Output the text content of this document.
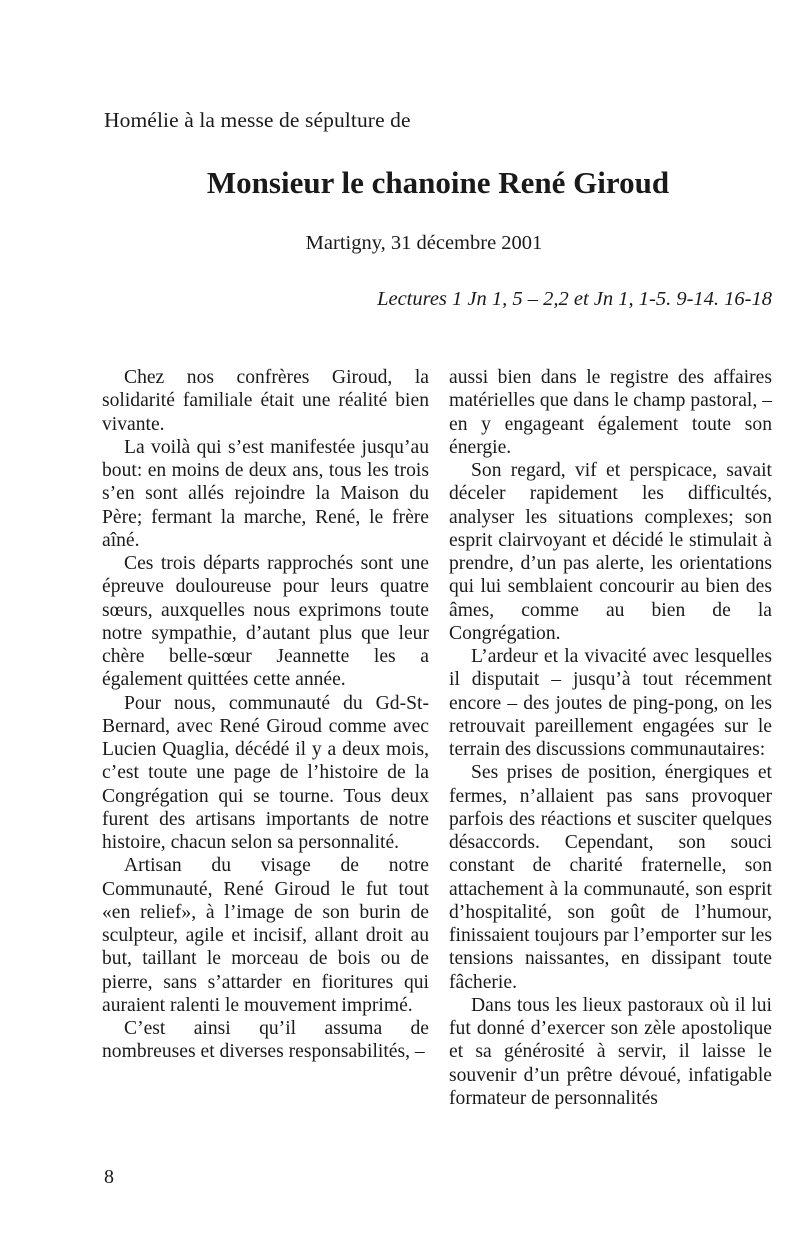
Homélie à la messe de sépulture de
Monsieur le chanoine René Giroud
Martigny, 31 décembre 2001
Lectures 1 Jn 1, 5 – 2,2 et Jn 1, 1-5. 9-14. 16-18

Chez nos confrères Giroud, la solidarité familiale était une réalité bien vivante.

La voilà qui s’est manifestée jusqu’au bout: en moins de deux ans, tous les trois s’en sont allés rejoindre la Maison du Père; fermant la marche, René, le frère aîné.

Ces trois départs rapprochés sont une épreuve douloureuse pour leurs quatre sœurs, auxquelles nous exprimons toute notre sympathie, d’autant plus que leur chère belle-sœur Jeannette les a également quittées cette année.

Pour nous, communauté du Gd-St-Bernard, avec René Giroud comme avec Lucien Quaglia, décédé il y a deux mois, c’est toute une page de l’histoire de la Congrégation qui se tourne. Tous deux furent des artisans importants de notre histoire, chacun selon sa personnalité.

Artisan du visage de notre Communauté, René Giroud le fut tout «en relief», à l’image de son burin de sculpteur, agile et incisif, allant droit au but, taillant le morceau de bois ou de pierre, sans s’attarder en fioritures qui auraient ralenti le mouvement imprimé.

C’est ainsi qu’il assuma de nombreuses et diverses responsabilités, –

aussi bien dans le registre des affaires matérielles que dans le champ pastoral, – en y engageant également toute son énergie.

Son regard, vif et perspicace, savait déceler rapidement les difficultés, analyser les situations complexes; son esprit clairvoyant et décidé le stimulait à prendre, d’un pas alerte, les orientations qui lui semblaient concourir au bien des âmes, comme au bien de la Congrégation.

L’ardeur et la vivacité avec lesquelles il disputait – jusqu’à tout récemment encore – des joutes de ping-pong, on les retrouvait pareillement engagées sur le terrain des discussions communautaires:

Ses prises de position, énergiques et fermes, n’allaient pas sans provoquer parfois des réactions et susciter quelques désaccords. Cependant, son souci constant de charité fraternelle, son attachement à la communauté, son esprit d’hospitalité, son goût de l’humour, finissaient toujours par l’emporter sur les tensions naissantes, en dissipant toute fâcherie.

Dans tous les lieux pastoraux où il lui fut donné d’exercer son zèle apostolique et sa générosité à servir, il laisse le souvenir d’un prêtre dévoué, infatigable formateur de personnalités

8
